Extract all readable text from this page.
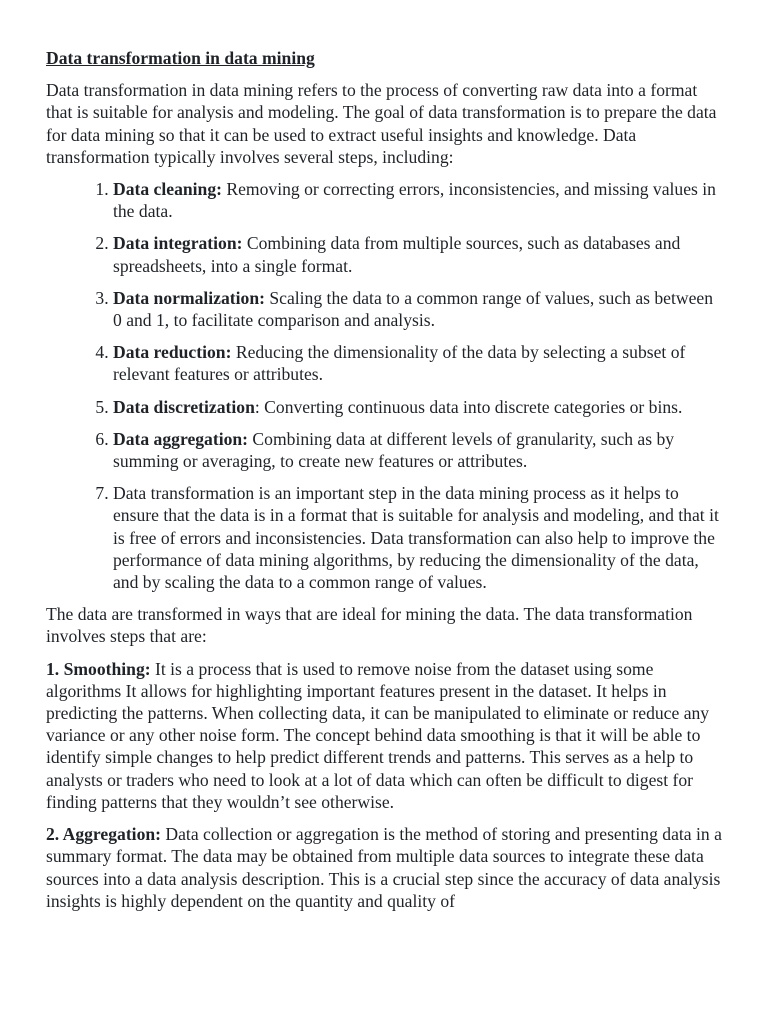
Data transformation in data mining

Data transformation in data mining refers to the process of converting raw data into a format that is suitable for analysis and modeling. The goal of data transformation is to prepare the data for data mining so that it can be used to extract useful insights and knowledge. Data transformation typically involves several steps, including:

1. Data cleaning: Removing or correcting errors, inconsistencies, and missing values in the data.
2. Data integration: Combining data from multiple sources, such as databases and spreadsheets, into a single format.
3. Data normalization: Scaling the data to a common range of values, such as between 0 and 1, to facilitate comparison and analysis.
4. Data reduction: Reducing the dimensionality of the data by selecting a subset of relevant features or attributes.
5. Data discretization: Converting continuous data into discrete categories or bins.
6. Data aggregation: Combining data at different levels of granularity, such as by summing or averaging, to create new features or attributes.
7. Data transformation is an important step in the data mining process as it helps to ensure that the data is in a format that is suitable for analysis and modeling, and that it is free of errors and inconsistencies. Data transformation can also help to improve the performance of data mining algorithms, by reducing the dimensionality of the data, and by scaling the data to a common range of values.

The data are transformed in ways that are ideal for mining the data. The data transformation involves steps that are:

1. Smoothing: It is a process that is used to remove noise from the dataset using some algorithms It allows for highlighting important features present in the dataset. It helps in predicting the patterns. When collecting data, it can be manipulated to eliminate or reduce any variance or any other noise form. The concept behind data smoothing is that it will be able to identify simple changes to help predict different trends and patterns. This serves as a help to analysts or traders who need to look at a lot of data which can often be difficult to digest for finding patterns that they wouldn’t see otherwise.

2. Aggregation: Data collection or aggregation is the method of storing and presenting data in a summary format. The data may be obtained from multiple data sources to integrate these data sources into a data analysis description. This is a crucial step since the accuracy of data analysis insights is highly dependent on the quantity and quality of
